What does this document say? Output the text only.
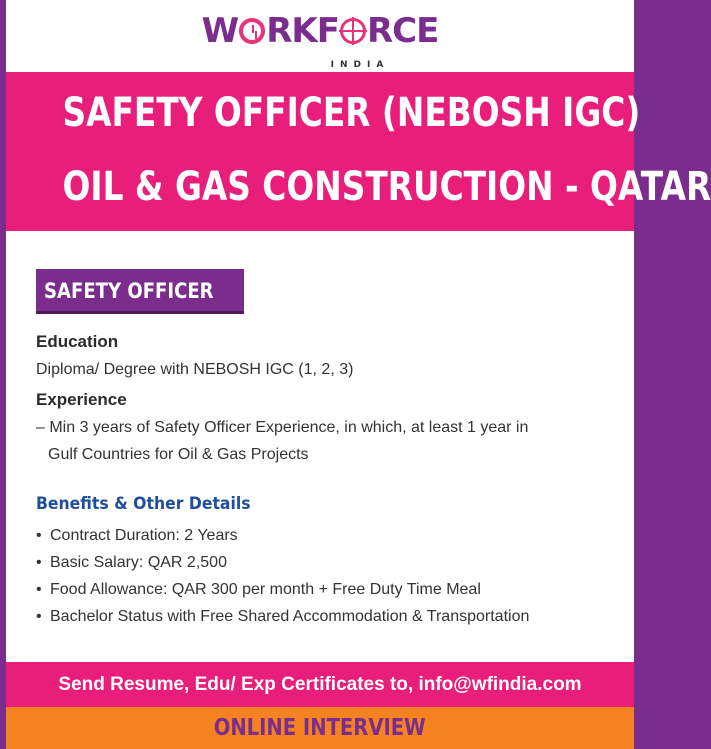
W RKF RCE
INDIA
SAFETY OFFICER (NEBOSH IGC)
OIL & GAS CONSTRUCTION - QATAR
SAFETY OFFICER

Education

Diploma/ Degree with NEBOSH IGC (1, 2, 3)

Experience

– Min 3 years of Safety Officer Experience, in which, at least 1 year in
Gulf Countries for Oil & Gas Projects
Benefits & Other Details
• Contract Duration: 2 Years
• Basic Salary: QAR 2,500
• Food Allowance: QAR 300 per month + Free Duty Time Meal
• Bachelor Status with Free Shared Accommodation & Transportation
Send Resume, Edu/ Exp Certificates to, info@wfindia.com
ONLINE INTERVIEW
